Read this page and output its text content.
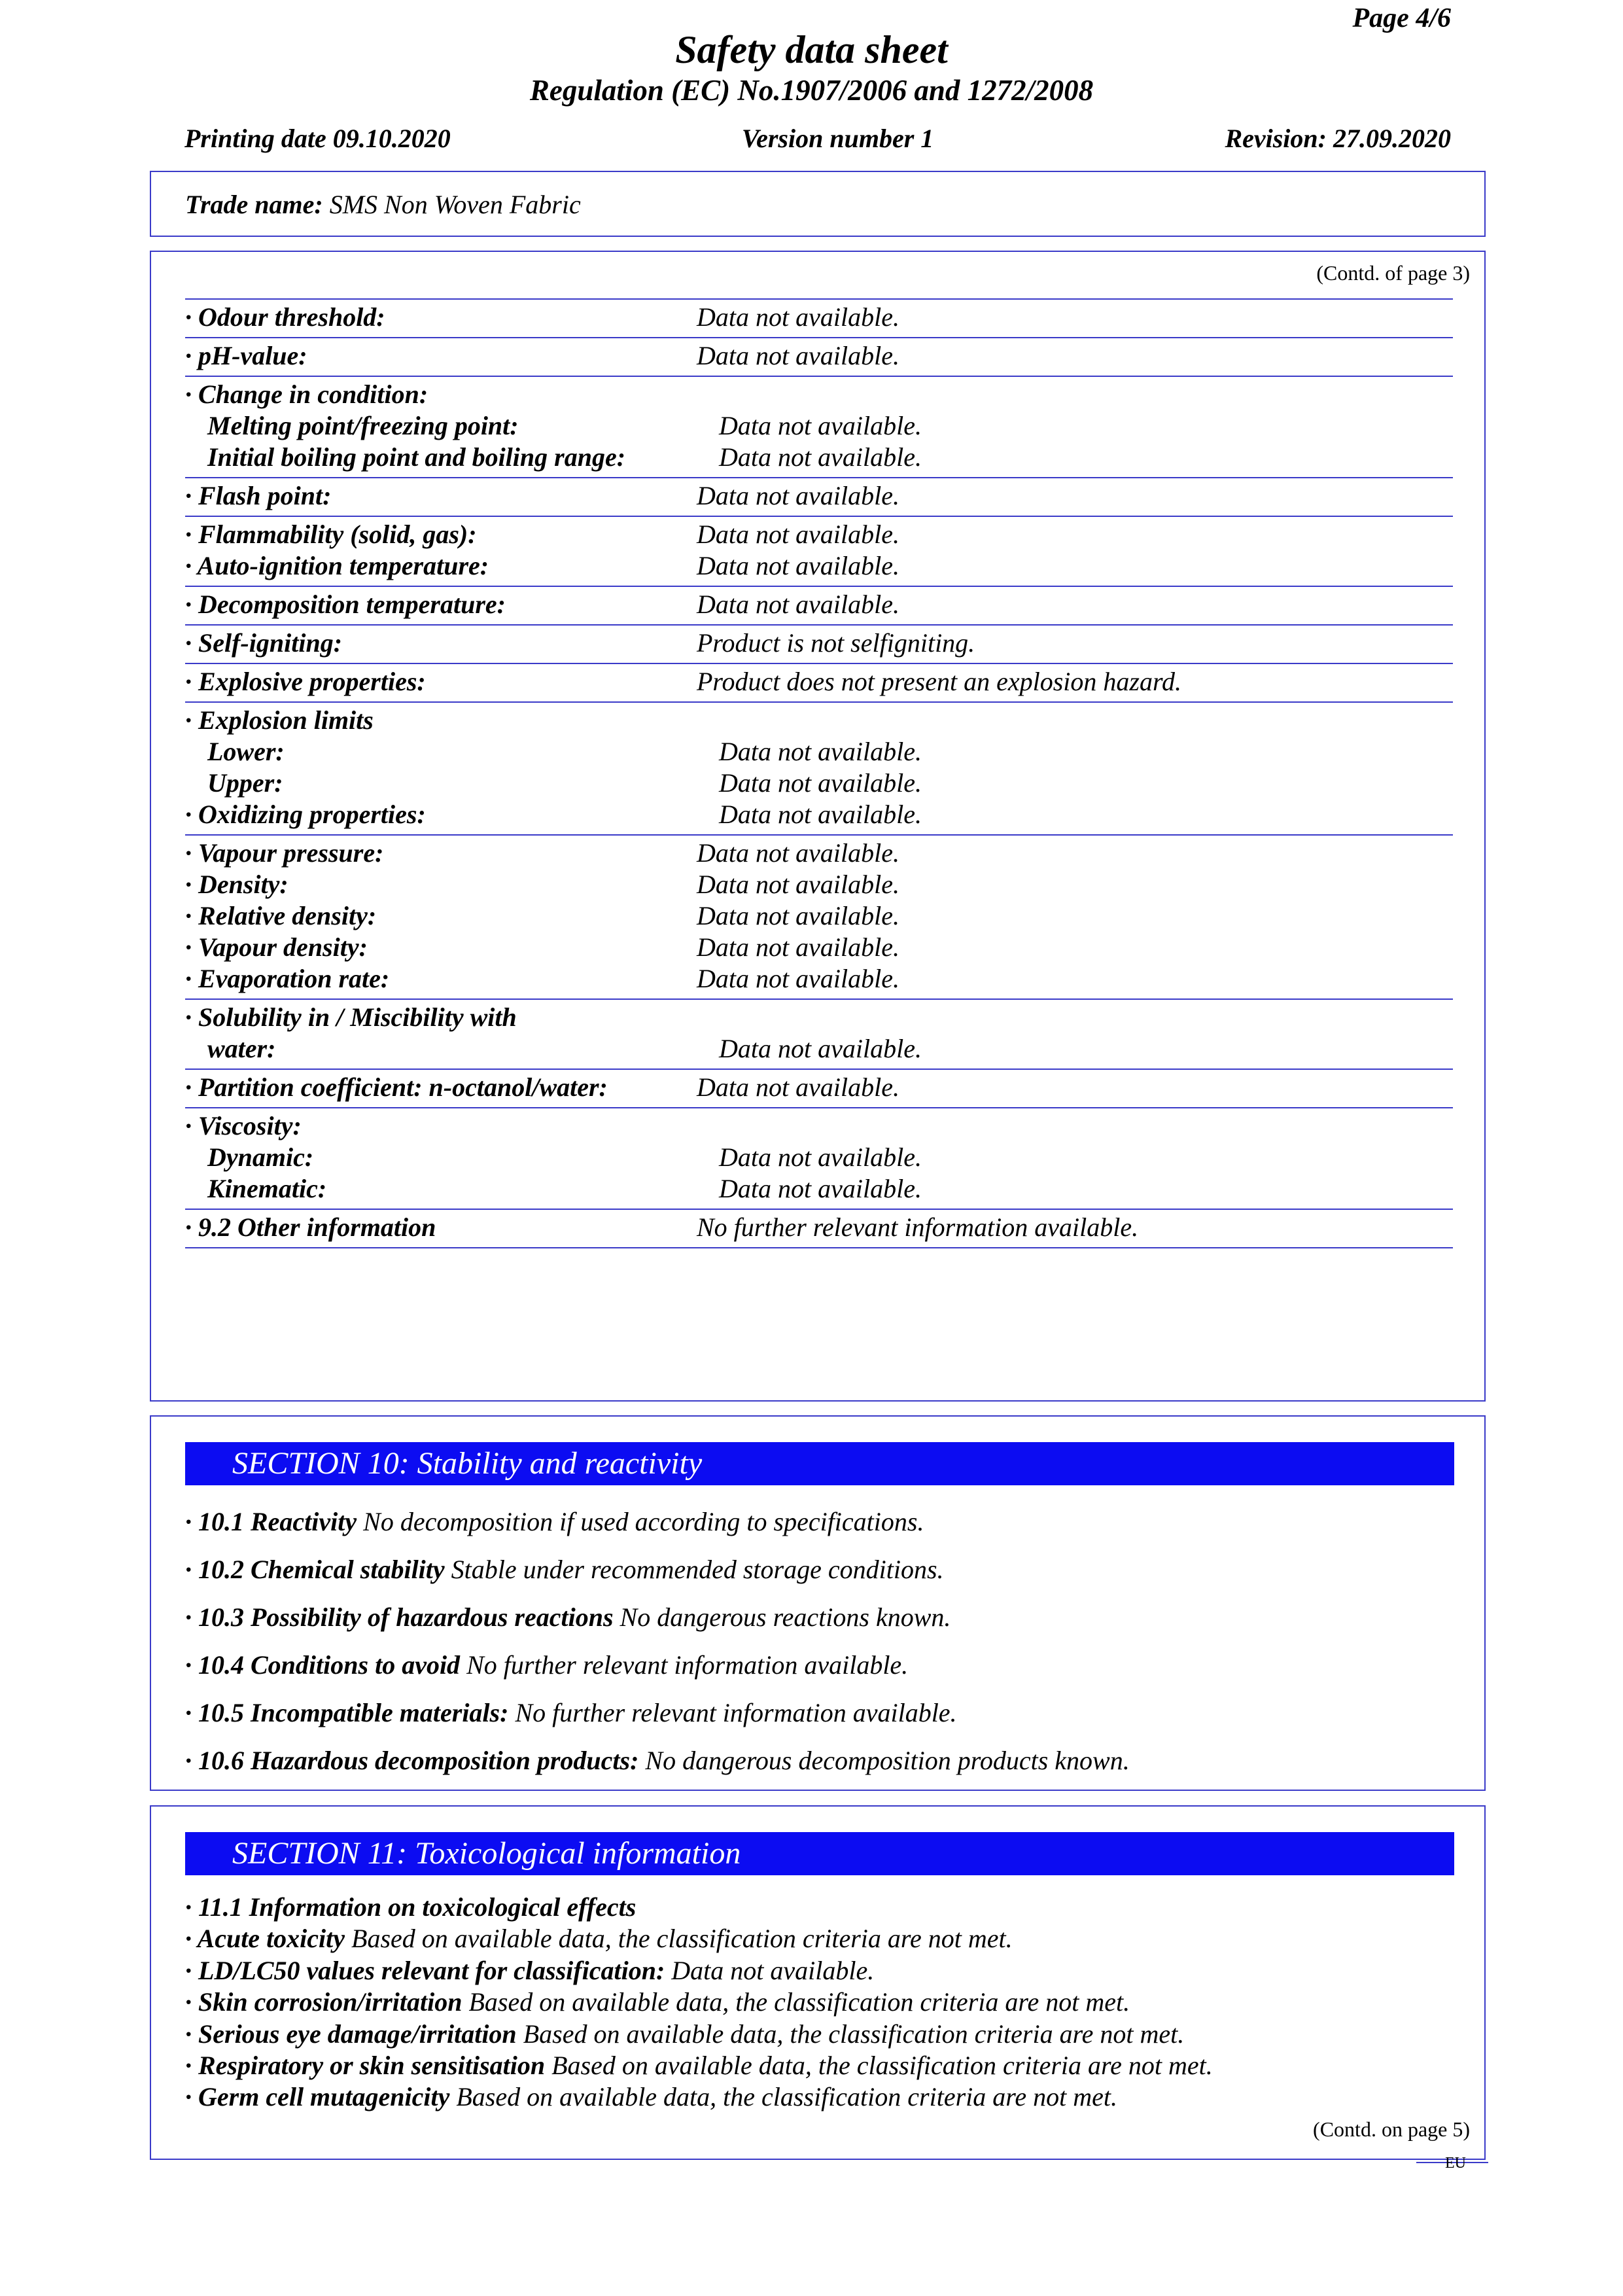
Page 4/6
Safety data sheet
Regulation (EC) No.1907/2006 and 1272/2008
Printing date 09.10.2020	Version number 1	Revision: 27.09.2020
Trade name: SMS Non Woven Fabric
(Contd. of page 3)
· Odour threshold:	Data not available.

· pH-value:	Data not available.

· Change in condition:	
Melting point/freezing point:	Data not available.
Initial boiling point and boiling range:	Data not available.

· Flash point:	Data not available.

· Flammability (solid, gas):	Data not available.
· Auto-ignition temperature:	Data not available.

· Decomposition temperature:	Data not available.

· Self-igniting:	Product is not selfigniting.

· Explosive properties:	Product does not present an explosion hazard.

· Explosion limits	
Lower:	Data not available.
Upper:	Data not available.
· Oxidizing properties:	Data not available.

· Vapour pressure:	Data not available.
· Density:	Data not available.
· Relative density:	Data not available.
· Vapour density:	Data not available.
· Evaporation rate:	Data not available.

· Solubility in / Miscibility with	
water:	Data not available.

· Partition coefficient: n-octanol/water:	Data not available.

· Viscosity:	
Dynamic:	Data not available.
Kinematic:	Data not available.

· 9.2 Other information	No further relevant information available.
SECTION 10: Stability and reactivity
· 10.1 Reactivity No decomposition if used according to specifications.
· 10.2 Chemical stability Stable under recommended storage conditions.
· 10.3 Possibility of hazardous reactions No dangerous reactions known.
· 10.4 Conditions to avoid No further relevant information available.
· 10.5 Incompatible materials: No further relevant information available.
· 10.6 Hazardous decomposition products: No dangerous decomposition products known.
SECTION 11: Toxicological information
· 11.1 Information on toxicological effects
· Acute toxicity Based on available data, the classification criteria are not met.
· LD/LC50 values relevant for classification: Data not available.
· Skin corrosion/irritation Based on available data, the classification criteria are not met.
· Serious eye damage/irritation Based on available data, the classification criteria are not met.
· Respiratory or skin sensitisation Based on available data, the classification criteria are not met.
· Germ cell mutagenicity Based on available data, the classification criteria are not met.
(Contd. on page 5)
EU
